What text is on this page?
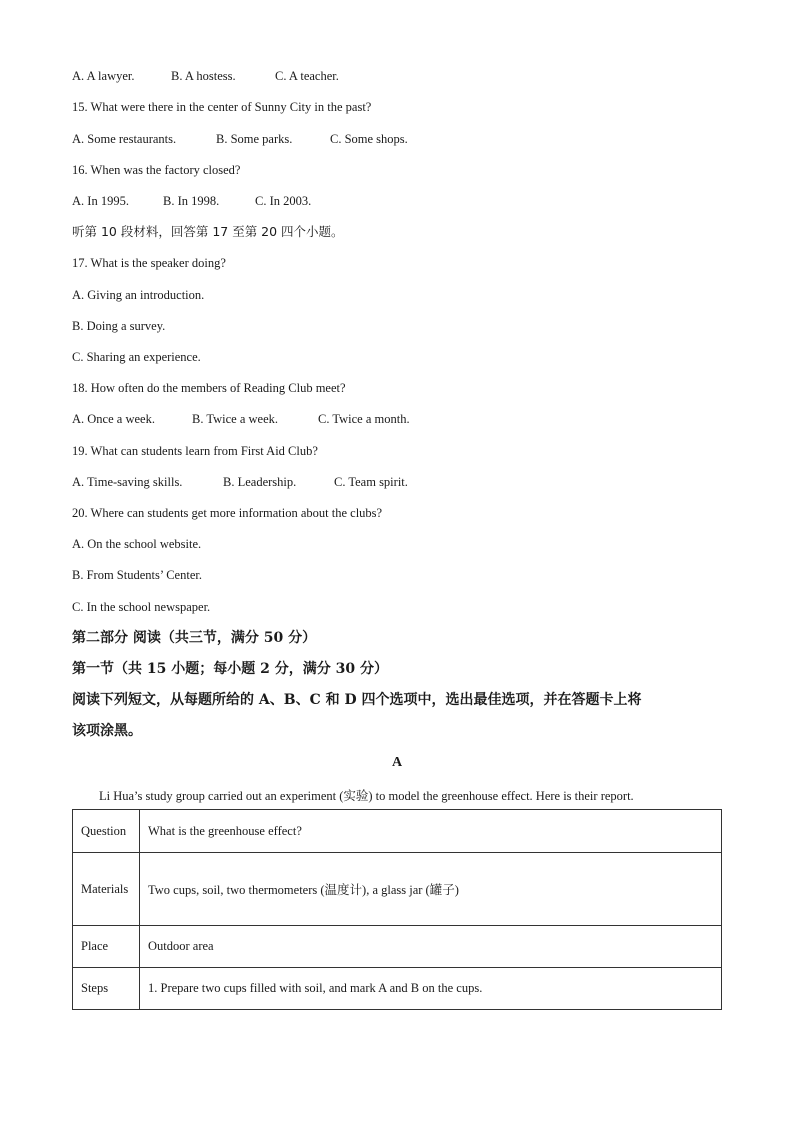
A. A lawyer.	B. A hostess.	C. A teacher.
15. What were there in the center of Sunny City in the past?
A. Some restaurants.	B. Some parks.	C. Some shops.
16. When was the factory closed?
A. In 1995.	B. In 1998.	C. In 2003.
听第 10 段材料，回答第 17 至第 20 四个小题。
17. What is the speaker doing?
A. Giving an introduction.
B. Doing a survey.
C. Sharing an experience.
18. How often do the members of Reading Club meet?
A. Once a week.	B. Twice a week.	C. Twice a month.
19. What can students learn from First Aid Club?
A. Time-saving skills.	B. Leadership.	C. Team spirit.
20. Where can students get more information about the clubs?
A. On the school website.
B. From Students’ Center.
C. In the school newspaper.
第二部分 阅读（共三节，满分 50 分）
第一节（共 15 小题；每小题 2 分，满分 30 分）
阅读下列短文，从每题所给的 A、B、C 和 D 四个选项中，选出最佳选项，并在答题卡上将
该项涂黑。
A
Li Hua’s study group carried out an experiment (实验) to model the greenhouse effect. Here is their report.
Question	What is the greenhouse effect?
Materials	Two cups, soil, two thermometers (温度计), a glass jar (罐子)
Place	Outdoor area
Steps	1. Prepare two cups filled with soil, and mark A and B on the cups.
